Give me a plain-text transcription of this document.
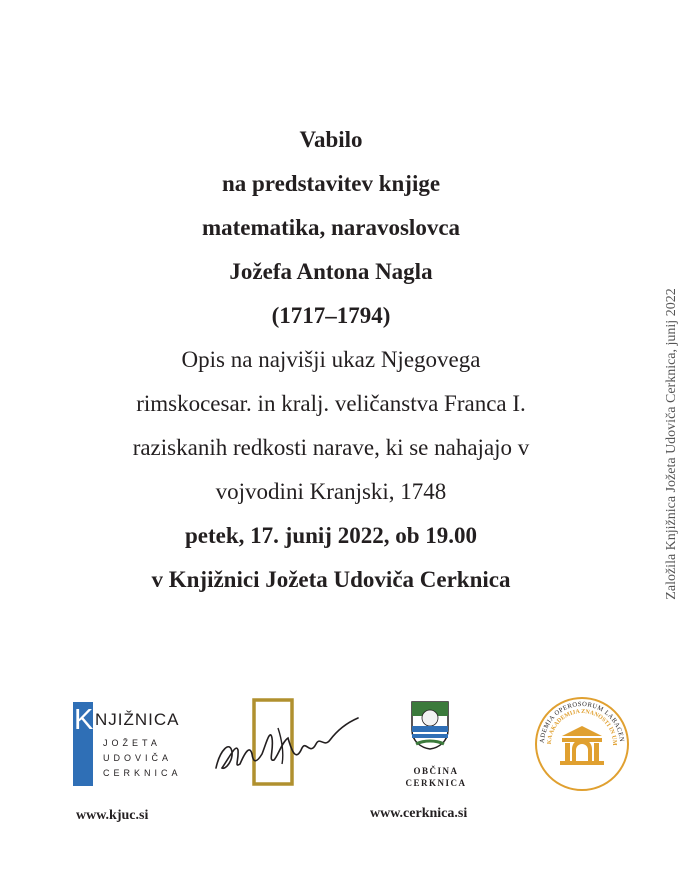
Vabilo
na predstavitev knjige
matematika, naravoslovca
Jožefa Antona Nagla
(1717–1794)
Opis na najvišji ukaz Njegovega
rimskocesar. in kralj. veličanstva Franca I.
raziskanih redkosti narave, ki se nahajajo v
vojvodini Kranjski, 1748
petek, 17. junij 2022, ob 19.00
v Knjižnici Jožeta Udoviča Cerknica	Založila Knjižnica Jožeta Udoviča Cerknica, junij 2022
K NJIŽNICA
JOŽETA
UDOVIČA
CERKNICA
www.kjuc.si
OBČINA
CERKNICA
www.cerknica.si
ADEMIA OPEROSORUM LABACEN
KA AKADEMIJA ZNANOSTI IN UM
